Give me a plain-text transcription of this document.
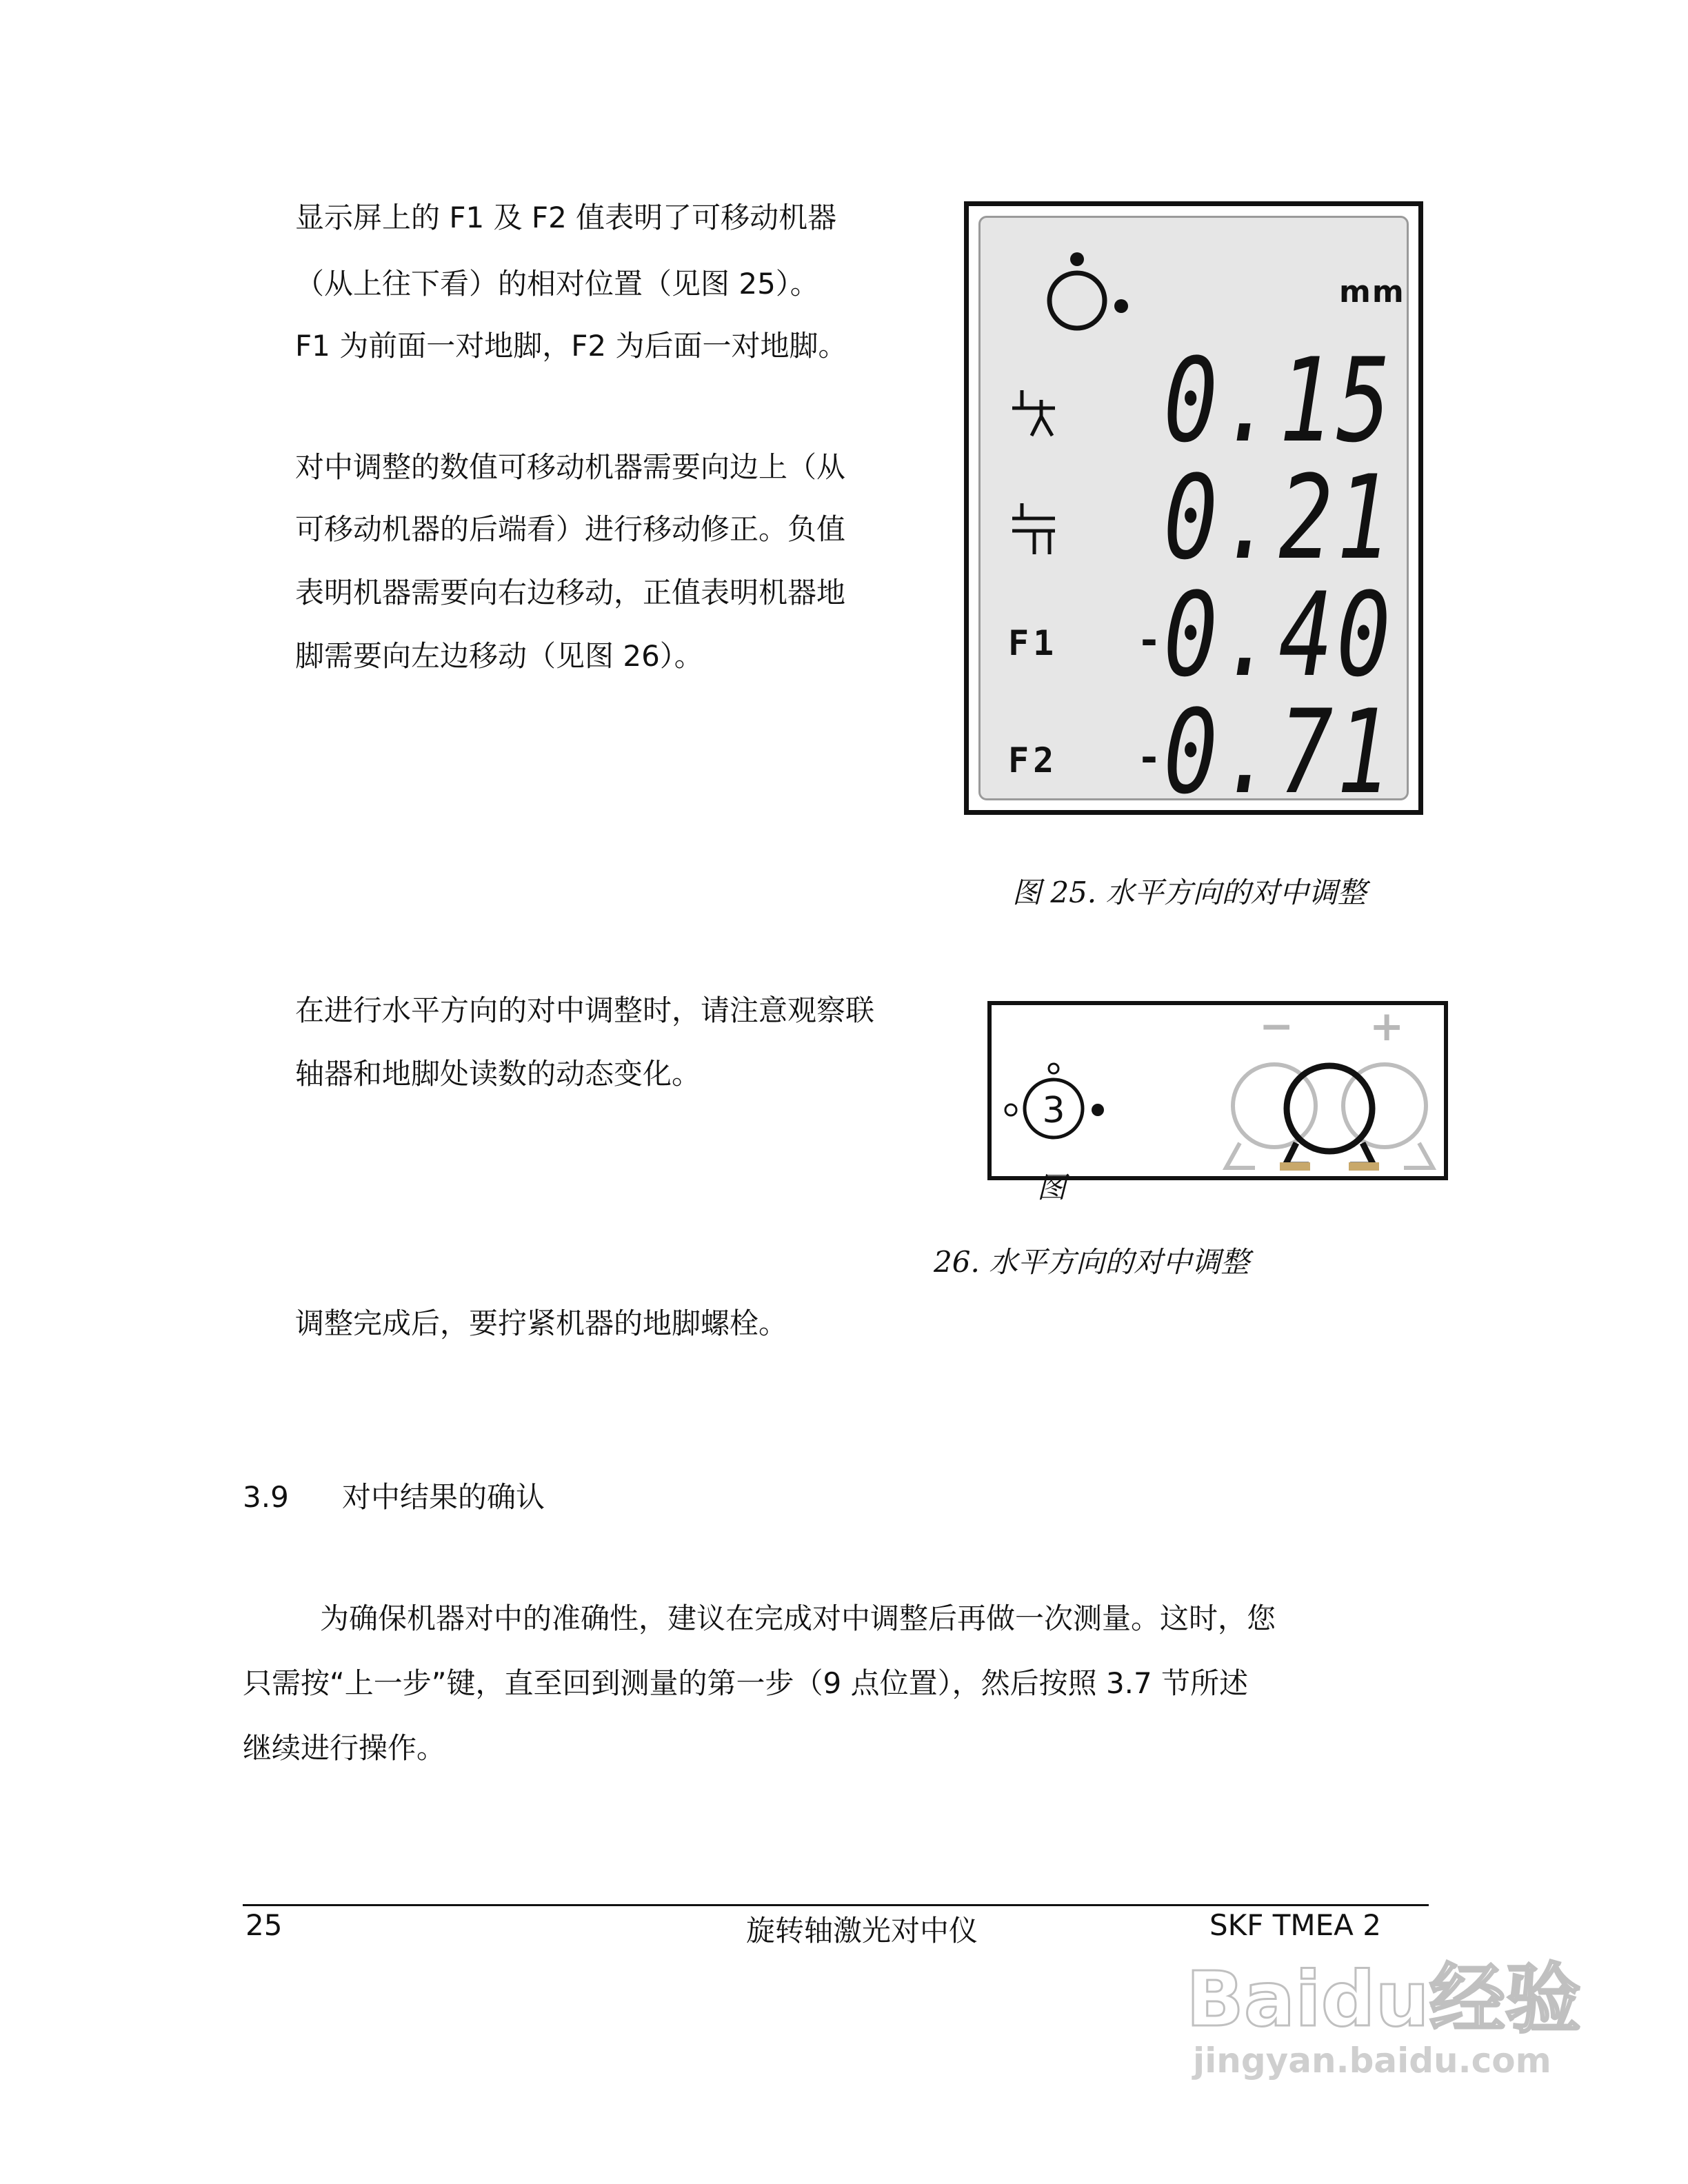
显示屏上的 F1 及 F2 值表明了可移动机器

（从上往下看）的相对位置（见图 25）。

F1 为前面一对地脚，F2 为后面一对地脚。

对中调整的数值可移动机器需要向边上（从

可移动机器的后端看）进行移动修正。负值

表明机器需要向右边移动，正值表明机器地

脚需要向左边移动（见图 26）。

mm
0.15
0.21
F1 - 0.40
F2 - 0.71

图 25. 水平方向的对中调整

在进行水平方向的对中调整时，请注意观察联

轴器和地脚处读数的动态变化。

3
− +

图

26. 水平方向的对中调整

调整完成后，要拧紧机器的地脚螺栓。

3.9 对中结果的确认

为确保机器对中的准确性，建议在完成对中调整后再做一次测量。这时，您

只需按“上一步”键，直至回到测量的第一步（9 点位置），然后按照 3.7 节所述

继续进行操作。

25	旋转轴激光对中仪	SKF TMEA 2
Baidu经验
jingyan.baidu.com
